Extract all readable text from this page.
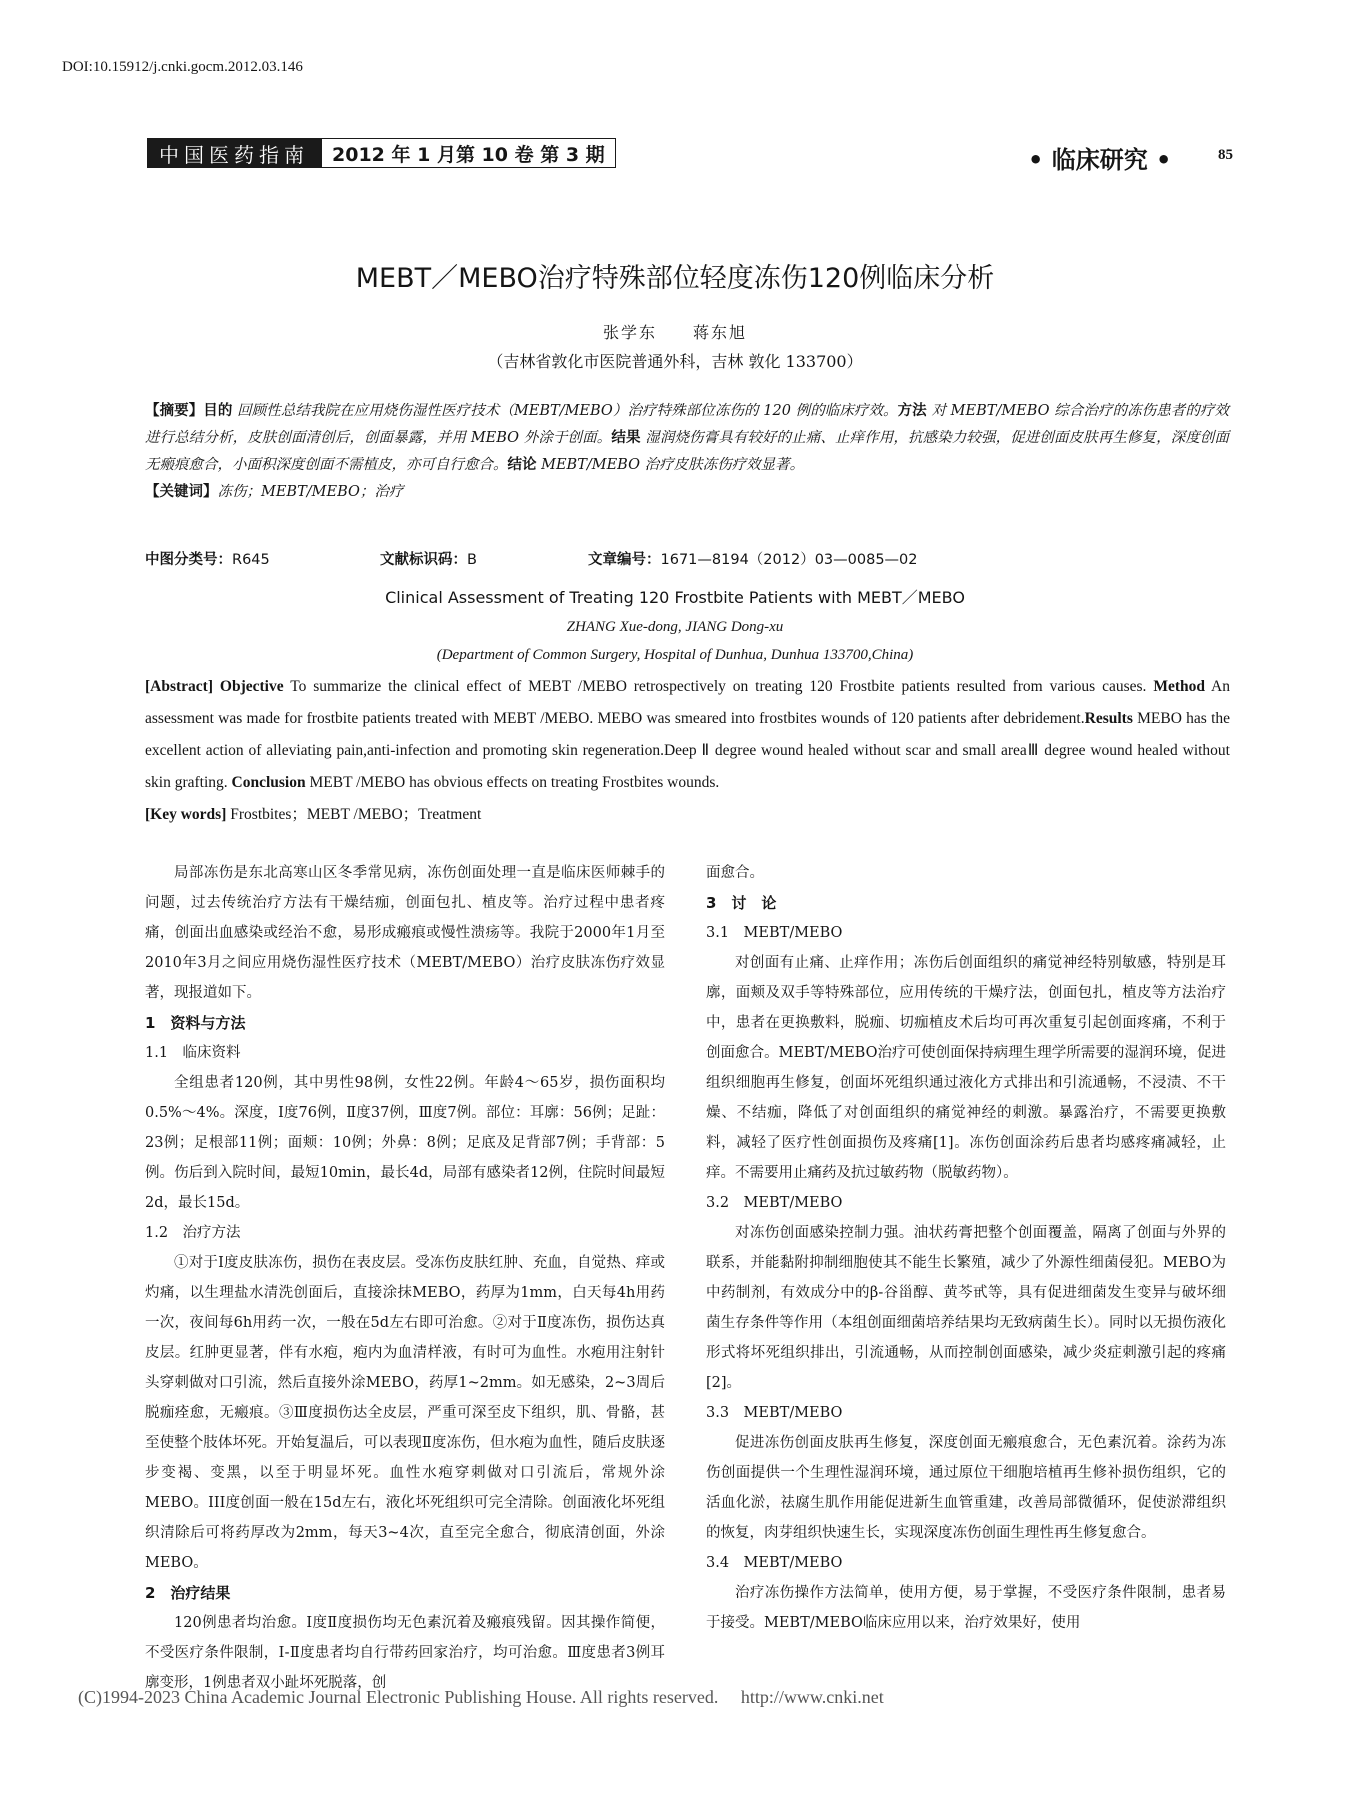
DOI:10.15912/j.cnki.gocm.2012.03.146
中国医药指南	2012 年 1 月第 10 卷 第 3 期	• 临床研究 •	85
MEBT／MEBO治疗特殊部位轻度冻伤120例临床分析
张学东　　蒋东旭
（吉林省敦化市医院普通外科，吉林 敦化 133700）
【摘要】目的 回顾性总结我院在应用烧伤湿性医疗技术（MEBT/MEBO）治疗特殊部位冻伤的 120 例的临床疗效。方法 对 MEBT/MEBO 综合治疗的冻伤患者的疗效进行总结分析，皮肤创面清创后，创面暴露，并用 MEBO 外涂于创面。结果 湿润烧伤膏具有较好的止痛、止痒作用，抗感染力较强，促进创面皮肤再生修复，深度创面无瘢痕愈合，小面积深度创面不需植皮，亦可自行愈合。结论 MEBT/MEBO 治疗皮肤冻伤疗效显著。
【关键词】冻伤；MEBT/MEBO；治疗
中图分类号：R645	文献标识码：B	文章编号：1671—8194（2012）03—0085—02
Clinical Assessment of Treating 120 Frostbite Patients with MEBT／MEBO
ZHANG Xue-dong, JIANG Dong-xu
(Department of Common Surgery, Hospital of Dunhua, Dunhua 133700,China)
[Abstract] Objective To summarize the clinical effect of MEBT /MEBO retrospectively on treating 120 Frostbite patients resulted from various causes. Method An assessment was made for frostbite patients treated with MEBT /MEBO. MEBO was smeared into frostbites wounds of 120 patients after debridement.Results MEBO has the excellent action of alleviating pain,anti-infection and promoting skin regeneration.Deep Ⅱ degree wound healed without scar and small areaⅢ degree wound healed without skin grafting. Conclusion MEBT /MEBO has obvious effects on treating Frostbites wounds.
[Key words] Frostbites；MEBT /MEBO；Treatment

局部冻伤是东北高寒山区冬季常见病，冻伤创面处理一直是临床医师棘手的问题，过去传统治疗方法有干燥结痂，创面包扎、植皮等。治疗过程中患者疼痛，创面出血感染或经治不愈，易形成瘢痕或慢性溃疡等。我院于2000年1月至2010年3月之间应用烧伤湿性医疗技术（MEBT/MEBO）治疗皮肤冻伤疗效显著，现报道如下。

1　资料与方法
1.1　临床资料

全组患者120例，其中男性98例，女性22例。年龄4～65岁，损伤面积均0.5%～4%。深度，Ⅰ度76例，Ⅱ度37例，Ⅲ度7例。部位：耳廓：56例；足趾：23例；足根部11例；面颊：10例；外鼻：8例；足底及足背部7例；手背部：5例。伤后到入院时间，最短10min，最长4d，局部有感染者12例，住院时间最短2d，最长15d。

1.2　治疗方法

①对于Ⅰ度皮肤冻伤，损伤在表皮层。受冻伤皮肤红肿、充血，自觉热、痒或灼痛，以生理盐水清洗创面后，直接涂抹MEBO，药厚为1mm，白天每4h用药一次，夜间每6h用药一次，一般在5d左右即可治愈。②对于Ⅱ度冻伤，损伤达真皮层。红肿更显著，伴有水疱，疱内为血清样液，有时可为血性。水疱用注射针头穿刺做对口引流，然后直接外涂MEBO，药厚1~2mm。如无感染，2~3周后脱痂痊愈，无瘢痕。③Ⅲ度损伤达全皮层，严重可深至皮下组织，肌、骨骼，甚至使整个肢体坏死。开始复温后，可以表现Ⅱ度冻伤，但水疱为血性，随后皮肤逐步变褐、变黑，以至于明显坏死。血性水疱穿刺做对口引流后，常规外涂MEBO。III度创面一般在15d左右，液化坏死组织可完全清除。创面液化坏死组织清除后可将药厚改为2mm，每天3~4次，直至完全愈合，彻底清创面，外涂MEBO。

2　治疗结果

120例患者均治愈。Ⅰ度Ⅱ度损伤均无色素沉着及瘢痕残留。因其操作简便，不受医疗条件限制，Ⅰ-Ⅱ度患者均自行带药回家治疗，均可治愈。Ⅲ度患者3例耳廓变形，1例患者双小趾坏死脱落，创

面愈合。

3　讨　论
3.1　MEBT/MEBO

对创面有止痛、止痒作用；冻伤后创面组织的痛觉神经特别敏感，特别是耳廓，面颊及双手等特殊部位，应用传统的干燥疗法，创面包扎，植皮等方法治疗中，患者在更换敷料，脱痂、切痂植皮术后均可再次重复引起创面疼痛，不利于创面愈合。MEBT/MEBO治疗可使创面保持病理生理学所需要的湿润环境，促进组织细胞再生修复，创面坏死组织通过液化方式排出和引流通畅，不浸渍、不干燥、不结痂，降低了对创面组织的痛觉神经的刺激。暴露治疗，不需要更换敷料，减轻了医疗性创面损伤及疼痛[1]。冻伤创面涂药后患者均感疼痛减轻，止痒。不需要用止痛药及抗过敏药物（脱敏药物）。

3.2　MEBT/MEBO

对冻伤创面感染控制力强。油状药膏把整个创面覆盖，隔离了创面与外界的联系，并能黏附抑制细胞使其不能生长繁殖，减少了外源性细菌侵犯。MEBO为中药制剂，有效成分中的β-谷甾醇、黄芩甙等，具有促进细菌发生变异与破坏细菌生存条件等作用（本组创面细菌培养结果均无致病菌生长）。同时以无损伤液化形式将坏死组织排出，引流通畅，从而控制创面感染，减少炎症刺激引起的疼痛[2]。

3.3　MEBT/MEBO

促进冻伤创面皮肤再生修复，深度创面无瘢痕愈合，无色素沉着。涂药为冻伤创面提供一个生理性湿润环境，通过原位干细胞培植再生修补损伤组织，它的活血化淤，祛腐生肌作用能促进新生血管重建，改善局部微循环，促使淤滞组织的恢复，肉芽组织快速生长，实现深度冻伤创面生理性再生修复愈合。

3.4　MEBT/MEBO

治疗冻伤操作方法简单，使用方便，易于掌握，不受医疗条件限制，患者易于接受。MEBT/MEBO临床应用以来，治疗效果好，使用

(C)1994-2023 China Academic Journal Electronic Publishing House. All rights reserved.　 http://www.cnki.net
